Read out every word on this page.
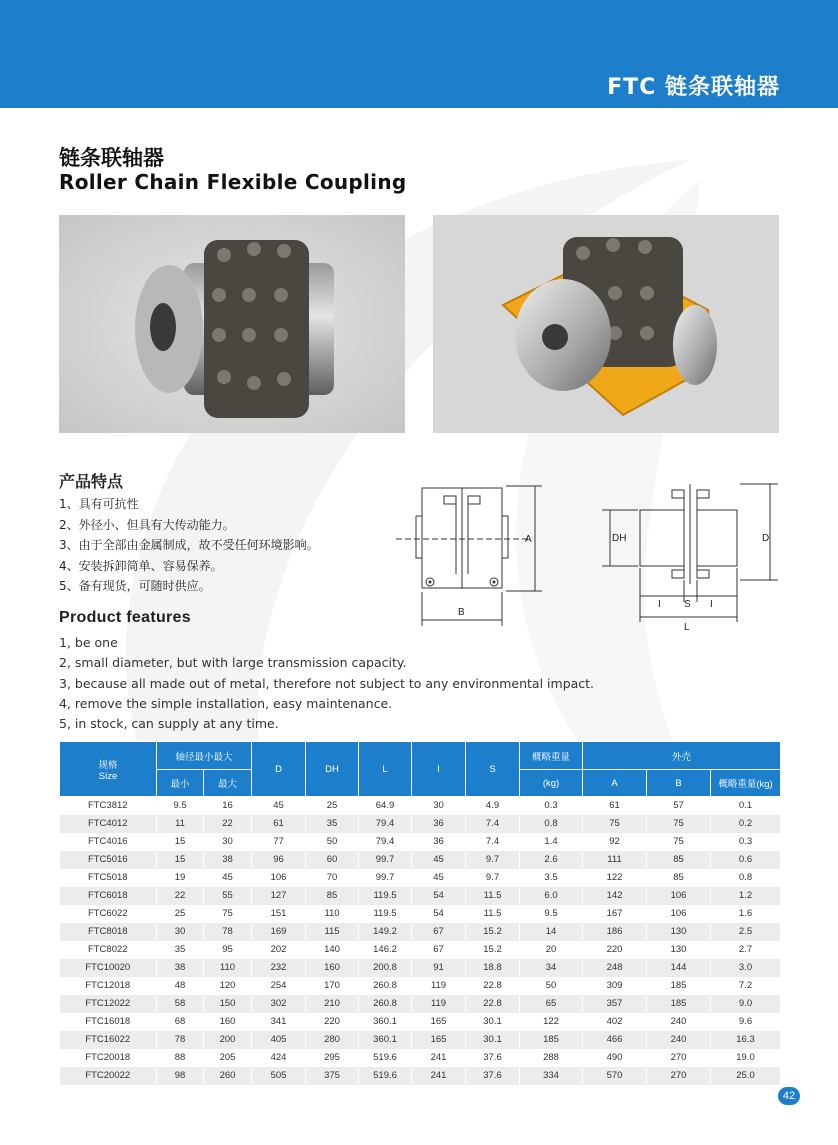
FTC 链条联轴器
链条联轴器
Roller Chain Flexible Coupling
产品特点
1、具有可抗性
2、外径小、但具有大传动能力。
3、由于全部由金属制成，故不受任何环境影响。
4、安装拆卸简单、容易保养。
5、备有现货，可随时供应。
Product features
1, be one
2, small diameter, but with large transmission capacity.
3, because all made out of metal, therefore not subject to any environmental impact.
4, remove the simple installation, easy maintenance.
5, in stock, can supply at any time.
A
B
DH	D
I S I
L
规格
Size	轴径最小最大		D	DH	L	I	S	概略重量	外壳		
	最小	最大						(kg)	A	B	概略重量(kg)
FTC3812	9.5	16	45	25	64.9	30	4.9	0.3	61	57	0.1
FTC4012	11	22	61	35	79.4	36	7.4	0.8	75	75	0.2
FTC4016	15	30	77	50	79.4	36	7.4	1.4	92	75	0.3
FTC5016	15	38	96	60	99.7	45	9.7	2.6	111	85	0.6
FTC5018	19	45	106	70	99.7	45	9.7	3.5	122	85	0.8
FTC6018	22	55	127	85	119.5	54	11.5	6.0	142	106	1.2
FTC6022	25	75	151	110	119.5	54	11.5	9.5	167	106	1.6
FTC8018	30	78	169	115	149.2	67	15.2	14	186	130	2.5
FTC8022	35	95	202	140	146.2	67	15.2	20	220	130	2.7
FTC10020	38	110	232	160	200.8	91	18.8	34	248	144	3.0
FTC12018	48	120	254	170	260.8	119	22.8	50	309	185	7.2
FTC12022	58	150	302	210	260.8	119	22.8	65	357	185	9.0
FTC16018	68	160	341	220	360.1	165	30.1	122	402	240	9.6
FTC16022	78	200	405	280	360.1	165	30.1	185	466	240	16.3
FTC20018	88	205	424	295	519.6	241	37.6	288	490	270	19.0
FTC20022	98	260	505	375	519.6	241	37.6	334	570	270	25.0
42
